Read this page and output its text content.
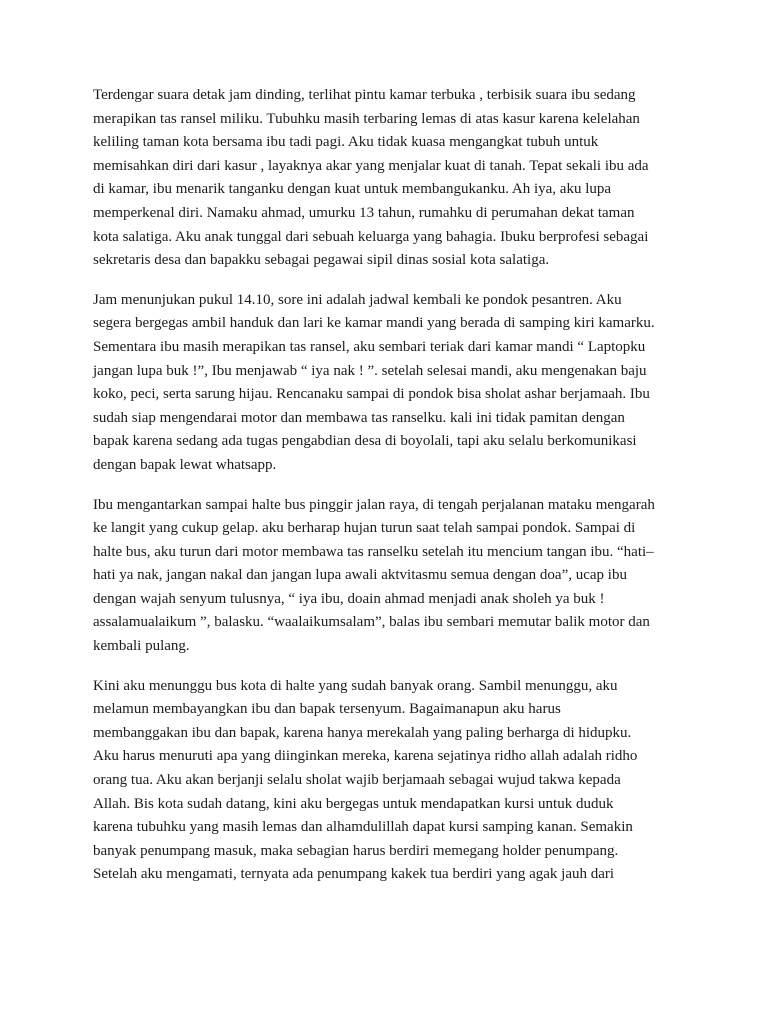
Terdengar suara detak jam dinding, terlihat pintu kamar terbuka , terbisik suara ibu sedang
merapikan tas ransel miliku. Tubuhku masih terbaring lemas di atas kasur karena kelelahan
keliling taman kota bersama ibu tadi pagi. Aku tidak kuasa mengangkat tubuh untuk
memisahkan diri dari kasur , layaknya akar yang menjalar kuat di tanah. Tepat sekali ibu ada
di kamar, ibu menarik tanganku dengan kuat untuk membangukanku. Ah iya, aku lupa
memperkenal diri. Namaku ahmad, umurku 13 tahun, rumahku di perumahan dekat taman
kota salatiga. Aku anak tunggal dari sebuah keluarga yang bahagia. Ibuku berprofesi sebagai
sekretaris desa dan bapakku sebagai pegawai sipil dinas sosial kota salatiga.

Jam menunjukan pukul 14.10, sore ini adalah jadwal kembali ke pondok pesantren. Aku
segera bergegas ambil handuk dan lari ke kamar mandi yang berada di samping kiri kamarku.
Sementara ibu masih merapikan tas ransel, aku sembari teriak dari kamar mandi “ Laptopku
jangan lupa buk !”, Ibu menjawab “ iya nak ! ”. setelah selesai mandi, aku mengenakan baju
koko, peci, serta sarung hijau. Rencanaku sampai di pondok bisa sholat ashar berjamaah. Ibu
sudah siap mengendarai motor dan membawa tas ranselku. kali ini tidak pamitan dengan
bapak karena sedang ada tugas pengabdian desa di boyolali, tapi aku selalu berkomunikasi
dengan bapak lewat whatsapp.

Ibu mengantarkan sampai halte bus pinggir jalan raya, di tengah perjalanan mataku mengarah
ke langit yang cukup gelap. aku berharap hujan turun saat telah sampai pondok. Sampai di
halte bus, aku turun dari motor membawa tas ranselku setelah itu mencium tangan ibu. “hati–
hati ya nak, jangan nakal dan jangan lupa awali aktvitasmu semua dengan doa”, ucap ibu
dengan wajah senyum tulusnya, “ iya ibu, doain ahmad menjadi anak sholeh ya buk !
assalamualaikum ”, balasku. “waalaikumsalam”, balas ibu sembari memutar balik motor dan
kembali pulang.

Kini aku menunggu bus kota di halte yang sudah banyak orang. Sambil menunggu, aku
melamun membayangkan ibu dan bapak tersenyum. Bagaimanapun aku harus
membanggakan ibu dan bapak, karena hanya merekalah yang paling berharga di hidupku.
Aku harus menuruti apa yang diinginkan mereka, karena sejatinya ridho allah adalah ridho
orang tua. Aku akan berjanji selalu sholat wajib berjamaah sebagai wujud takwa kepada
Allah. Bis kota sudah datang, kini aku bergegas untuk mendapatkan kursi untuk duduk
karena tubuhku yang masih lemas dan alhamdulillah dapat kursi samping kanan. Semakin
banyak penumpang masuk, maka sebagian harus berdiri memegang holder penumpang.
Setelah aku mengamati, ternyata ada penumpang kakek tua berdiri yang agak jauh dari
